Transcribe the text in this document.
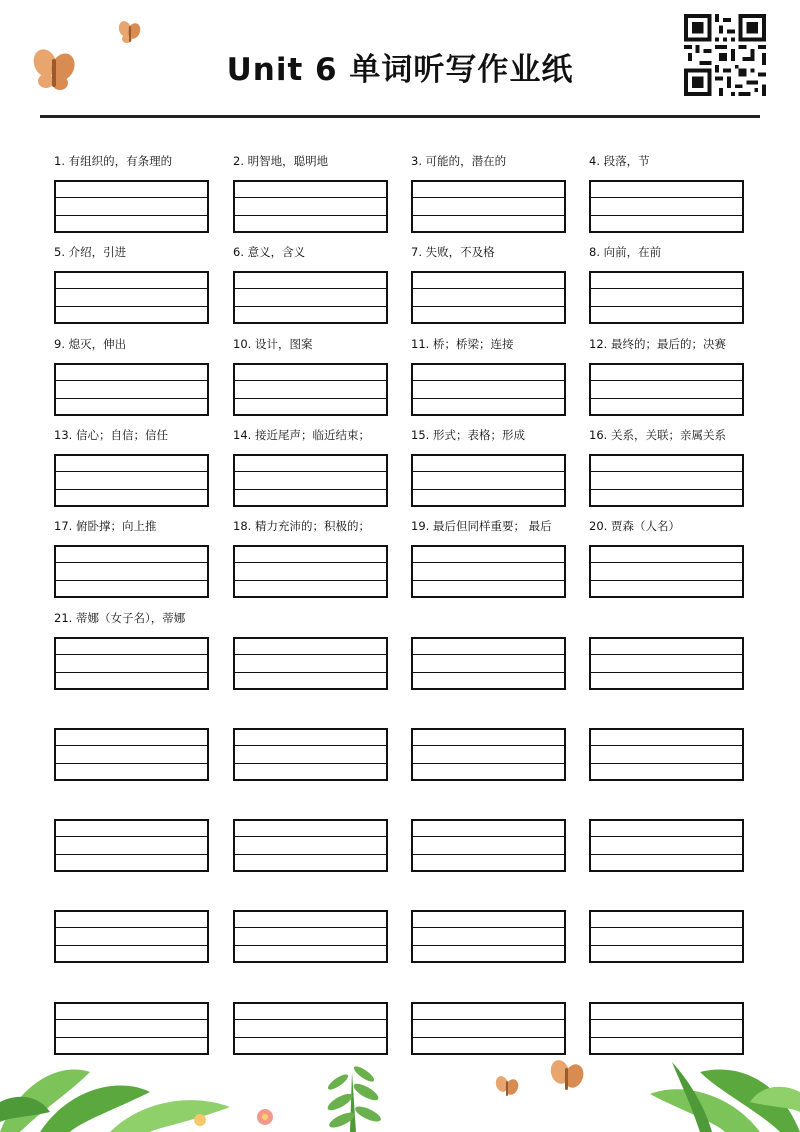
Unit 6 单词听写作业纸
1. 有组织的，有条理的	2. 明智地，聪明地	3. 可能的，潜在的	4. 段落，节
5. 介绍，引进	6. 意义，含义	7. 失败，不及格	8. 向前，在前
9. 熄灭，伸出	10. 设计，图案	11. 桥；桥梁；连接	12. 最终的；最后的；决赛
13. 信心；自信；信任	14. 接近尾声；临近结束；	15. 形式；表格；形成	16. 关系，关联；亲属关系
17. 俯卧撑；向上推	18. 精力充沛的；积极的；	19. 最后但同样重要； 最后	20. 贾森（人名）
21. 蒂娜（女子名），蒂娜
